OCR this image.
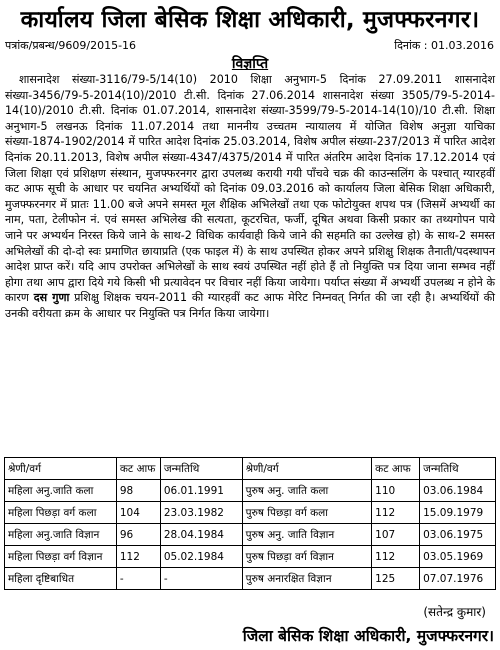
कार्यालय जिला बेसिक शिक्षा अधिकारी, मुजफ्फरनगर।
पत्रांक/प्रबन्ध/9609/2015-16	दिनांक : 01.03.2016
विज्ञप्ति
शासनादेश संख्या-3116/79-5/14(10) 2010 शिक्षा अनुभाग-5 दिनांक 27.09.2011 शासनादेश संख्या-3456/79-5-2014(10)/2010 टी.सी. दिनांक 27.06.2014 शासनादेश संख्या 3505/79-5-2014-14(10)/2010 टी.सी. दिनांक 01.07.2014, शासनादेश संख्या-3599/79-5-2014-14(10)/10 टी.सी. शिक्षा अनुभाग-5 लखनऊ दिनांक 11.07.2014 तथा माननीय उच्चतम न्यायालय में योजित विशेष अनुज्ञा याचिका संख्या-1874-1902/2014 में पारित आदेश दिनांक 25.03.2014, विशेष अपील संख्या-237/2013 में पारित आदेश दिनांक 20.11.2013, विशेष अपील संख्या-4347/4375/2014 में पारित अंतरिम आदेश दिनांक 17.12.2014 एवं जिला शिक्षा एवं प्रशिक्षण संस्थान, मुजफ्फरनगर द्वारा उपलब्ध करायी गयी पाँचवे चक्र की काउन्सलिंग के पश्चात् ग्यारहवीं कट आफ सूची के आधार पर चयनित अभ्यर्थियों को दिनांक 09.03.2016 को कार्यालय जिला बेसिक शिक्षा अधिकारी, मुजफ्फरनगर में प्रातः 11.00 बजे अपने समस्त मूल शैक्षिक अभिलेखों तथा एक फोटोयुक्त शपथ पत्र (जिसमें अभ्यर्थी का नाम, पता, टेलीफोन नं. एवं समस्त अभिलेख की सत्यता, कूटरचित, फर्जी, दूषित अथवा किसी प्रकार का तथ्यगोपन पाये जाने पर अभ्यर्थन निरस्त किये जाने के साथ-2 विधिक कार्यवाही किये जाने की सहमति का उल्लेख हो) के साथ-2 समस्त अभिलेखों की दो-दो स्वः प्रमाणित छायाप्रति (एक फाइल में) के साथ उपस्थित होकर अपने प्रशिक्षु शिक्षक तैनाती/पदस्थापन आदेश प्राप्त करें। यदि आप उपरोक्त अभिलेखों के साथ स्वयं उपस्थित नहीं होते हैं तो नियुक्ति पत्र दिया जाना सम्भव नहीं होगा तथा आप द्वारा दिये गये किसी भी प्रत्यावेदन पर विचार नहीं किया जायेगा। पर्याप्त संख्या में अभ्यर्थी उपलब्ध न होने के कारण दस गुणा प्रशिक्षु शिक्षक चयन-2011 की ग्यारहवीं कट आफ मेरिट निम्नवत् निर्गत की जा रही है। अभ्यर्थियों की उनकी वरीयता क्रम के आधार पर नियुक्ति पत्र निर्गत किया जायेगा।
श्रेणी/वर्ग	कट आफ	जन्मतिथि	श्रेणी/वर्ग	कट आफ	जन्मतिथि
महिला अनु.जाति कला	98	06.01.1991	पुरुष अनु. जाति कला	110	03.06.1984
महिला पिछड़ा वर्ग कला	104	23.03.1982	पुरुष पिछड़ा वर्ग कला	112	15.09.1979
महिला अनु.जाति विज्ञान	96	28.04.1984	पुरुष अनु. जाति विज्ञान	107	03.06.1975
महिला पिछड़ा वर्ग विज्ञान	112	05.02.1984	पुरुष पिछड़ा वर्ग विज्ञान	112	03.05.1969
महिला दृष्टिबाधित	-	-	पुरुष अनारक्षित विज्ञान	125	07.07.1976
(सतेन्द्र कुमार)
जिला बेसिक शिक्षा अधिकारी, मुजफ्फरनगर।
